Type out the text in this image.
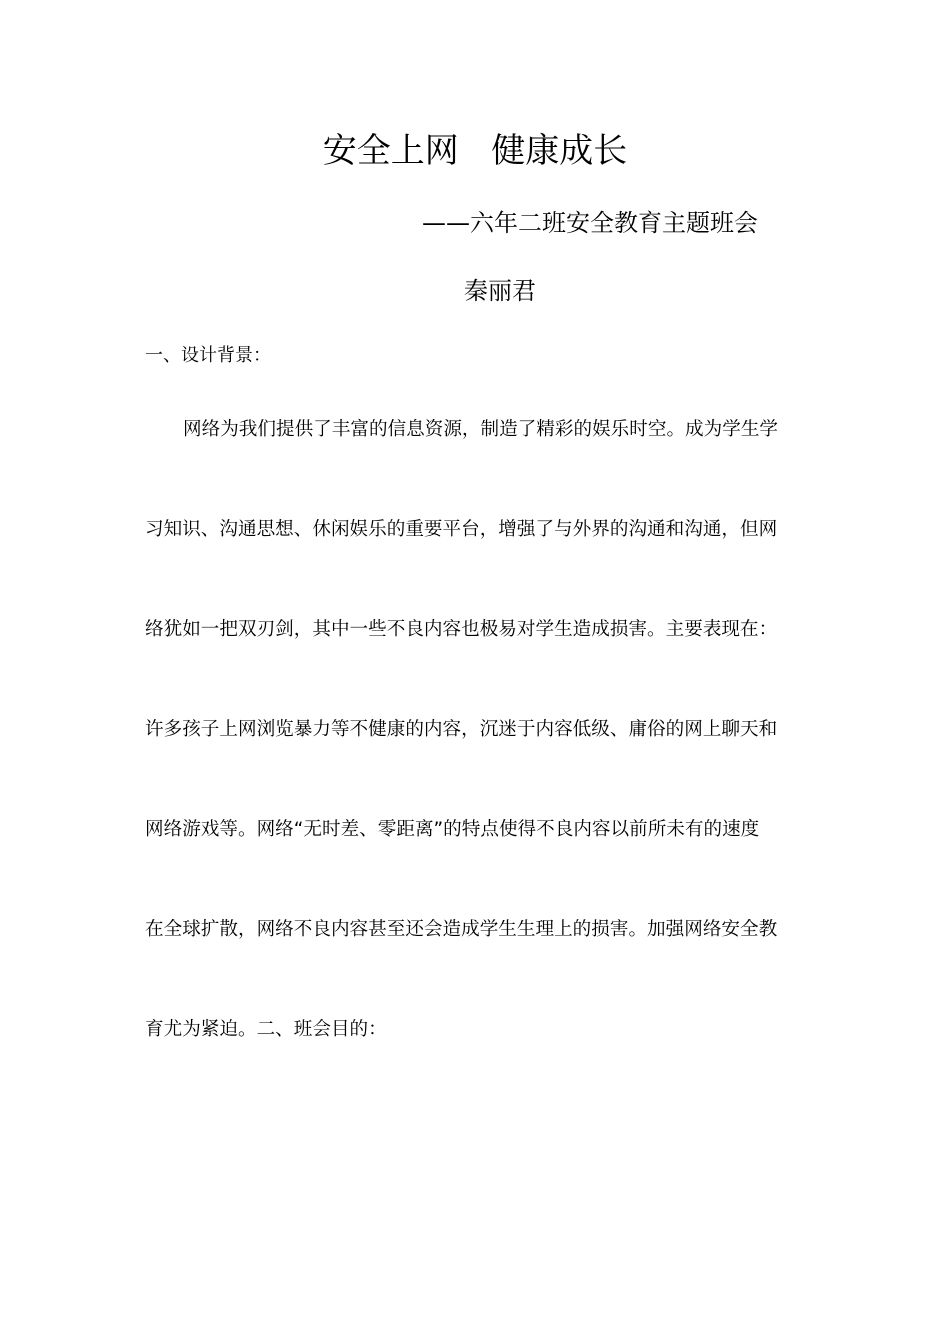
安全上网   健康成长
——六年二班安全教育主题班会
秦丽君
一、设计背景：
网络为我们提供了丰富的信息资源，制造了精彩的娱乐时空。成为学生学
习知识、沟通思想、休闲娱乐的重要平台，增强了与外界的沟通和沟通，但网
络犹如一把双刃剑，其中一些不良内容也极易对学生造成损害。主要表现在：
许多孩子上网浏览暴力等不健康的内容，沉迷于内容低级、庸俗的网上聊天和
网络游戏等。网络“无时差、零距离”的特点使得不良内容以前所未有的速度
在全球扩散，网络不良内容甚至还会造成学生生理上的损害。加强网络安全教
育尤为紧迫。二、班会目的：
